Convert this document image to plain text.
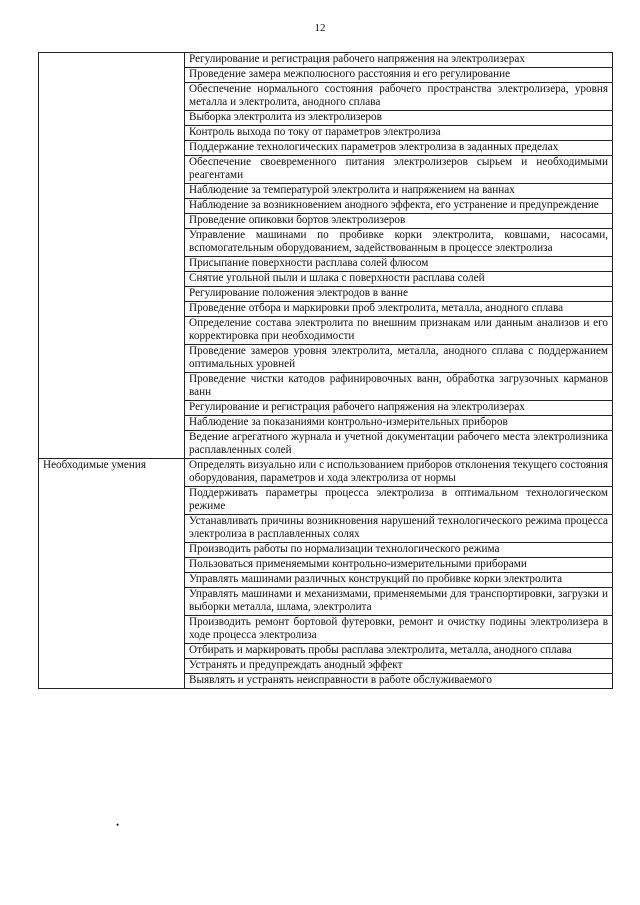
12
	Регулирование и регистрация рабочего напряжения на электролизерах
	Проведение замера межполюсного расстояния и его регулирование
	Обеспечение нормального состояния рабочего пространства электролизера, уровня металла и электролита, анодного сплава
	Выборка электролита из электролизеров
	Контроль выхода по току от параметров электролиза
	Поддержание технологических параметров электролиза в заданных пределах
	Обеспечение своевременного питания электролизеров сырьем и необходимыми реагентами
	Наблюдение за температурой электролита и напряжением на ваннах
	Наблюдение за возникновением анодного эффекта, его устранение и предупреждение
	Проведение опиковки бортов электролизеров
	Управление машинами по пробивке корки электролита, ковшами, насосами, вспомогательным оборудованием, задействованным в процессе электролиза
	Присыпание поверхности расплава солей флюсом
	Снятие угольной пыли и шлака с поверхности расплава солей
	Регулирование положения электродов в ванне
	Проведение отбора и маркировки проб электролита, металла, анодного сплава
	Определение состава электролита по внешним признакам или данным анализов и его корректировка при необходимости
	Проведение замеров уровня электролита, металла, анодного сплава с поддержанием оптимальных уровней
	Проведение чистки катодов рафинировочных ванн, обработка загрузочных карманов ванн
	Регулирование и регистрация рабочего напряжения на электролизерах
	Наблюдение за показаниями контрольно-измерительных приборов
	Ведение агрегатного журнала и учетной документации рабочего места электролизника расплавленных солей
Необходимые умения	Определять визуально или с использованием приборов отклонения текущего состояния оборудования, параметров и хода электролиза от нормы
	Поддерживать параметры процесса электролиза в оптимальном технологическом режиме
	Устанавливать причины возникновения нарушений технологического режима процесса электролиза в расплавленных солях
	Производить работы по нормализации технологического режима
	Пользоваться применяемыми контрольно-измерительными приборами
	Управлять машинами различных конструкций по пробивке корки электролита
	Управлять машинами и механизмами, применяемыми для транспортировки, загрузки и выборки металла, шлама, электролита
	Производить ремонт бортовой футеровки, ремонт и очистку подины электролизера в ходе процесса электролиза
	Отбирать и маркировать пробы расплава электролита, металла, анодного сплава
	Устранять и предупреждать анодный эффект
	Выявлять и устранять неисправности в работе обслуживаемого
•
